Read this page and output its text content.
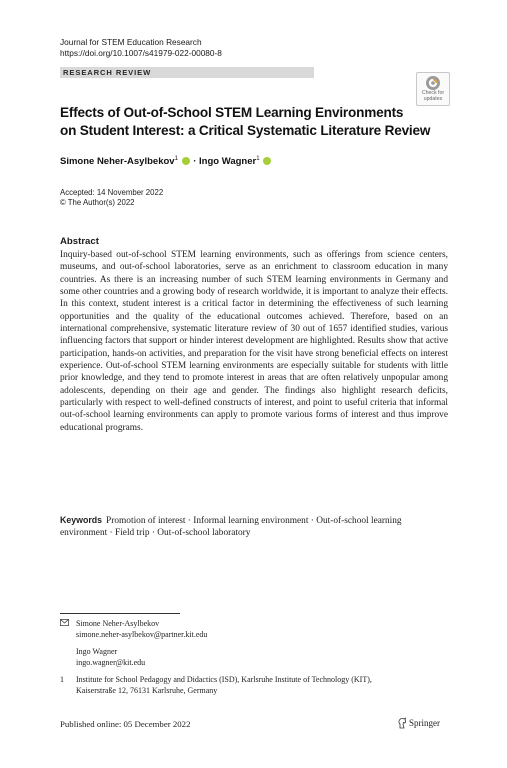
Journal for STEM Education Research
https://doi.org/10.1007/s41979-022-00080-8
RESEARCH REVIEW
Check for
updates
Effects of Out-of-School STEM Learning Environments
on Student Interest: a Critical Systematic Literature Review
Simone Neher-Asylbekov$^1$  · Ingo Wagner$^1$
Accepted: 14 November 2022
© The Author(s) 2022
Abstract
Inquiry-based out-of-school STEM learning environments, such as offerings from science centers, museums, and out-of-school laboratories, serve as an enrichment to classroom education in many countries. As there is an increasing number of such STEM learning environments in Germany and some other countries and a growing body of research worldwide, it is important to analyze their effects. In this context, student interest is a critical factor in determining the effectiveness of such learning opportunities and the quality of the educational outcomes achieved. Therefore, based on an international comprehensive, systematic literature review of 30 out of 1657 identified studies, various influencing factors that support or hinder interest development are highlighted. Results show that active participation, hands-on activities, and preparation for the visit have strong beneficial effects on interest experience. Out-of-school STEM learning environments are especially suitable for students with little prior knowledge, and they tend to promote interest in areas that are often relatively unpopular among adolescents, depending on their age and gender. The findings also highlight research deficits, particularly with respect to well-defined constructs of interest, and point to useful criteria that informal out-of-school learning environments can apply to promote various forms of interest and thus improve educational programs.
Keywords Promotion of interest · Informal learning environment · Out-of-school learning environment · Field trip · Out-of-school laboratory
Simone Neher-Asylbekov
simone.neher-asylbekov@partner.kit.edu
Ingo Wagner
ingo.wagner@kit.edu
1 Institute for School Pedagogy and Didactics (ISD), Karlsruhe Institute of Technology (KIT),
Kaiserstraße 12, 76131 Karlsruhe, Germany
Published online: 05 December 2022	Springer
